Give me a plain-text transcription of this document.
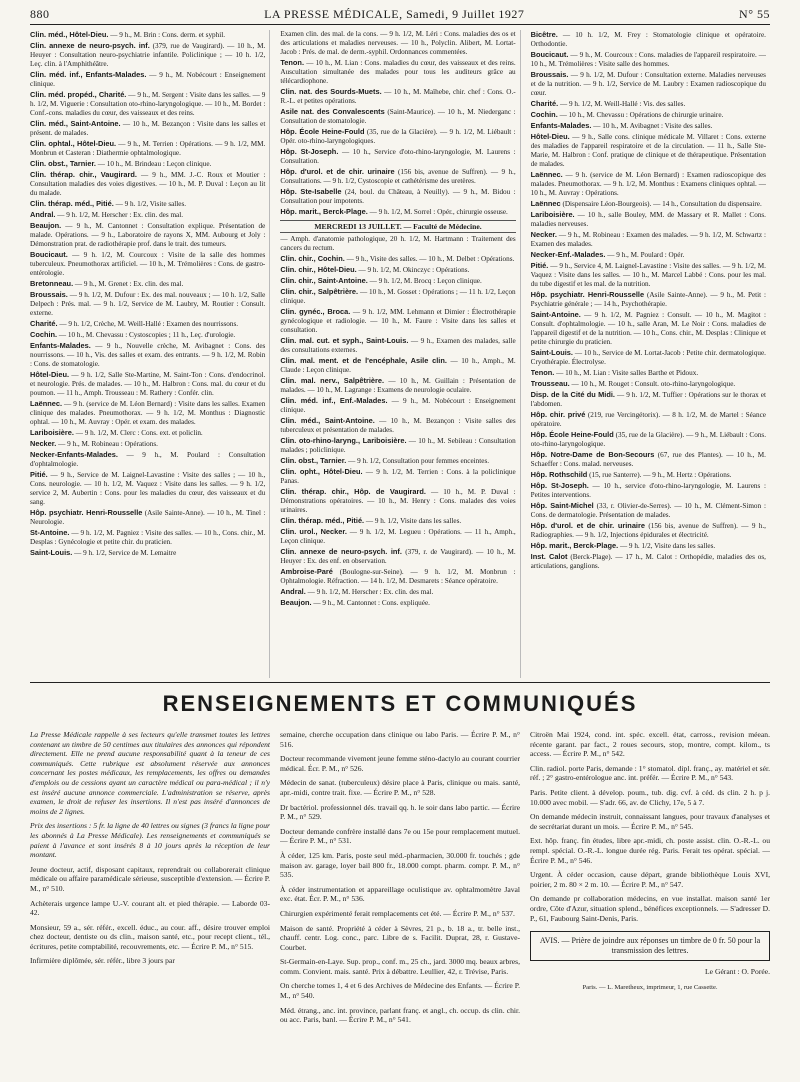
880	LA PRESSE MÉDICALE, Samedi, 9 Juillet 1927	N° 55

Clin. méd., Hôtel-Dieu. — 9 h., M. Brin : Cons. derm. et syphil.

Clin. annexe de neuro-psych. inf. (379, rue de Vaugirard). — 10 h., M. Heuyer : Consultation neuro-psychiatrie infantile. Policlinique ; — 10 h. 1/2, Leç. clin. à l'Amphithéâtre.

Clin. méd. inf., Enfants-Malades. — 9 h., M. Nobécourt : Enseignement clinique.

Clin. méd. propéd., Charité. — 9 h., M. Sergent : Visite dans les salles. — 9 h. 1/2, M. Viguerie : Consultation oto-rhino-laryngologique. — 10 h., M. Bordet : Conf.-cons. maladies du cœur, des vaisseaux et des reins.

Clin. méd., Saint-Antoine. — 10 h., M. Bezançon : Visite dans les salles et présent. de malades.

Clin. ophtal., Hôtel-Dieu. — 9 h., M. Terrien : Opérations. — 9 h. 1/2, MM. Monbrun et Casteran : Diathermie ophtalmologique.

Clin. obst., Tarnier. — 10 h., M. Brindeau : Leçon clinique.

Clin. thérap. chir., Vaugirard. — 9 h., MM. J.-C. Roux et Moutier : Consultation maladies des voies digestives. — 10 h., M. P. Duval : Leçon au lit du malade.

Clin. thérap. méd., Pitié. — 9 h. 1/2, Visite salles.

Andral. — 9 h. 1/2, M. Herscher : Ex. clin. des mal.

Beaujon. — 9 h., M. Cantonnet : Consultation explique. Présentation de malade. Opérations. — 9 h., Laboratoire de rayons X, MM. Aubourg et Joly : Démonstration prat. de radiothérapie prof. dans le trait. des tumeurs.

Boucicaut. — 9 h. 1/2, M. Courcoux : Visite de la salle des hommes tuberculeux. Pneumothorax artificiel. — 10 h., M. Trémolières : Cons. de gastro-entérologie.

Bretonneau. — 9 h., M. Grenet : Ex. clin. des mal.

Broussais. — 9 h. 1/2, M. Dufour : Ex. des mal. nouveaux ; — 10 h. 1/2, Salle Delpech : Prés. mal. — 9 h. 1/2, Service de M. Laubry, M. Routier : Consult. externe.

Charité. — 9 h. 1/2, Crèche, M. Weill-Hallé : Examen des nourrissons.

Cochin. — 10 h., M. Chevassu : Cystoscopies ; 11 h., Leç. d'urologie.

Enfants-Malades. — 9 h., Nouvelle crèche, M. Avibagnet : Cons. des nourrissons. — 10 h., Vis. des salles et exam. des entrants. — 9 h. 1/2, M. Robin : Cons. de stomatologie.

Hôtel-Dieu. — 9 h. 1/2, Salle Ste-Martine, M. Saint-Ton : Cons. d'endocrinol. et neurologie. Prés. de malades. — 10 h., M. Halbron : Cons. mal. du cœur et du poumon. — 11 h., Amph. Trousseau : M. Rathery : Confér. clin.

Laënnec. — 9 h. (service de M. Léon Bernard) : Visite dans les salles. Examen clinique des malades. Pneumothorax. — 9 h. 1/2, M. Monthus : Diagnostic ophtal. — 10 h., M. Auvray : Opér. et exam. des malades.

Lariboisière. — 9 h. 1/2, M. Clerc : Cons. ext. et policlin.

Necker. — 9 h., M. Robineau : Opérations.

Necker-Enfants-Malades. — 9 h., M. Poulard : Consultation d'ophtalmologie.

Pitié. — 9 h., Service de M. Laignel-Lavastine : Visite des salles ; — 10 h., Cons. neurologie. — 10 h. 1/2, M. Vaquez : Visite dans les salles. — 9 h. 1/2, service 2, M. Aubertin : Cons. pour les maladies du cœur, des vaisseaux et du sang.

Hôp. psychiatr. Henri-Rousselle (Asile Sainte-Anne). — 10 h., M. Tinel : Neurologie.

St-Antoine. — 9 h. 1/2, M. Pagniez : Visite des salles. — 10 h., Cons. chir., M. Desplas : Gynécologie et petite chir. du praticien.

Saint-Louis. — 9 h. 1/2, Service de M. Lemaitre

Examen clin. des mal. de la cons. — 9 h. 1/2, M. Léri : Cons. maladies des os et des articulations et maladies nerveuses. — 10 h., Polyclin. Alibert, M. Lortat-Jacob : Prés. de mal. de derm.-syphil. Ordonnances commentées.

Tenon. — 10 h., M. Lian : Cons. maladies du cœur, des vaisseaux et des reins. Auscultation simultanée des malades pour tous les auditeurs grâce au télécardiophone.

Clin. nat. des Sourds-Muets. — 10 h., M. Maïhebe, chir. chef : Cons. O.-R.-L. et petites opérations.

Asile nat. des Convalescents (Saint-Maurice). — 10 h., M. Niederganc : Consultation de stomatologie.

Hôp. École Heine-Fould (35, rue de la Glacière). — 9 h. 1/2, M. Liébault : Opér. oto-rhino-laryngologiques.

Hôp. St-Joseph. — 10 h., Service d'oto-rhino-laryngologie, M. Laurens : Consultation.

Hôp. d'urol. et de chir. urinaire (156 bis, avenue de Suffren). — 9 h., Consultations. — 9 h. 1/2, Cystoscopie et cathétérisme des uretères.

Hôp. Ste-Isabelle (24, boul. du Château, à Neuilly). — 9 h., M. Bidou : Consultation pour impotents.

Hôp. marit., Berck-Plage. — 9 h. 1/2, M. Sorrel : Opér., chirurgie osseuse.

MERCREDI 13 JUILLET. — Faculté de Médecine.

— Amph. d'anatomie pathologique, 20 h. 1/2, M. Hartmann : Traitement des cancers du rectum.

Clin. chir., Cochin. — 9 h., Visite des salles. — 10 h., M. Delbet : Opérations.

Clin. chir., Hôtel-Dieu. — 9 h. 1/2, M. Okinczyc : Opérations.

Clin. chir., Saint-Antoine. — 9 h. 1/2, M. Brocq : Leçon clinique.

Clin. chir., Salpêtrière. — 10 h., M. Gosset : Opérations ; — 11 h. 1/2, Leçon clinique.

Clin. gynéc., Broca. — 9 h. 1/2, MM. Lehmann et Dimier : Électrothérapie gynécologique et radiologie. — 10 h., M. Faure : Visite dans les salles et consultation.

Clin. mal. cut. et syph., Saint-Louis. — 9 h., Examen des malades, salle des consultations externes.

Clin. mal. ment. et de l'encéphale, Asile clin. — 10 h., Amph., M. Claude : Leçon clinique.

Clin. mal. nerv., Salpêtrière. — 10 h., M. Guillain : Présentation de malades. — 10 h., M. Lagrange : Examens de neurologie oculaire.

Clin. méd. inf., Enf.-Malades. — 9 h., M. Nobécourt : Enseignement clinique.

Clin. méd., Saint-Antoine. — 10 h., M. Bezançon : Visite salles des tuberculeux et présentation de malades.

Clin. oto-rhino-laryng., Lariboisière. — 10 h., M. Sebileau : Consultation malades ; policlinique.

Clin. obst., Tarnier. — 9 h. 1/2, Consultation pour femmes enceintes.

Clin. opht., Hôtel-Dieu. — 9 h. 1/2, M. Terrien : Cons. à la policlinique Panas.

Clin. thérap. chir., Hôp. de Vaugirard. — 10 h., M. P. Duval : Démonstrations opératoires. — 10 h., M. Henry : Cons. malades des voies urinaires.

Clin. thérap. méd., Pitié. — 9 h. 1/2, Visite dans les salles.

Clin. urol., Necker. — 9 h. 1/2, M. Legueu : Opérations. — 11 h., Amph., Leçon clinique.

Clin. annexe de neuro-psych. inf. (379, r. de Vaugirard). — 10 h., M. Heuyer : Ex. des enf. en observation.

Ambroise-Paré (Boulogne-sur-Seine). — 9 h. 1/2, M. Monbrun : Ophtalmologie. Réfraction. — 14 h. 1/2, M. Desmarets : Séance opératoire.

Andral. — 9 h. 1/2, M. Herscher : Ex. clin. des mal.

Beaujon. — 9 h., M. Cantonnet : Cons. expliquée.

Bicêtre. — 10 h. 1/2, M. Frey : Stomatologie clinique et opératoire. Orthodontie.

Boucicaut. — 9 h., M. Courcoux : Cons. maladies de l'appareil respiratoire. — 10 h., M. Trémolières : Visite salle des hommes.

Broussais. — 9 h. 1/2, M. Dufour : Consultation externe. Maladies nerveuses et de la nutrition. — 9 h. 1/2, Service de M. Laubry : Examen radioscopique du cœur.

Charité. — 9 h. 1/2, M. Weill-Hallé : Vis. des salles.

Cochin. — 10 h., M. Chevassu : Opérations de chirurgie urinaire.

Enfants-Malades. — 10 h., M. Avibagnet : Visite des salles.

Hôtel-Dieu. — 9 h., Salle cons. clinique médicale M. Villaret : Cons. externe des maladies de l'appareil respiratoire et de la circulation. — 11 h., Salle Ste-Marie, M. Halbron : Conf. pratique de clinique et de thérapeutique. Présentation de malades.

Laënnec. — 9 h. (service de M. Léon Bernard) : Examen radioscopique des malades. Pneumothorax. — 9 h. 1/2, M. Monthus : Examens cliniques ophtal. — 10 h., M. Auvray : Opérations.

Laënnec (Dispensaire Léon-Bourgeois). — 14 h., Consultation du dispensaire.

Lariboisière. — 10 h., salle Bouley, MM. de Massary et R. Mallet : Cons. maladies nerveuses.

Necker. — 9 h., M. Robineau : Examen des malades. — 9 h. 1/2, M. Schwartz : Examen des malades.

Necker-Enf.-Malades. — 9 h., M. Poulard : Opér.

Pitié. — 9 h., Service 4, M. Laignel-Lavastine : Visite des salles. — 9 h. 1/2, M. Vaquez : Visite dans les salles. — 10 h., M. Marcel Labbé : Cons. pour les mal. du tube digestif et les mal. de la nutrition.

Hôp. psychiatr. Henri-Rousselle (Asile Sainte-Anne). — 9 h., M. Petit : Psychiatrie générale ; — 14 h., Psychothérapie.

Saint-Antoine. — 9 h. 1/2, M. Pagniez : Consult. — 10 h., M. Magitot : Consult. d'ophtalmologie. — 10 h., salle Aran, M. Le Noir : Cons. maladies de l'appareil digestif et de la nutrition. — 10 h., Cons. chir., M. Desplas : Clinique et petite chirurgie du praticien.

Saint-Louis. — 10 h., Service de M. Lortat-Jacob : Petite chir. dermatologique. Cryothérapie. Électrolyse.

Tenon. — 10 h., M. Lian : Visite salles Barthe et Pidoux.

Trousseau. — 10 h., M. Rouget : Consult. oto-rhino-laryngologique.

Disp. de la Cité du Midi. — 9 h. 1/2, M. Tuffier : Opérations sur le thorax et l'abdomen.

Hôp. chir. privé (219, rue Vercingétorix). — 8 h. 1/2, M. de Martel : Séance opératoire.

Hôp. École Heine-Fould (35, rue de la Glacière). — 9 h., M. Liébault : Cons. oto-rhino-laryngologique.

Hôp. Notre-Dame de Bon-Secours (67, rue des Plantes). — 10 h., M. Schaeffer : Cons. malad. nerveuses.

Hôp. Rothschild (15, rue Santerre). — 9 h., M. Hertz : Opérations.

Hôp. St-Joseph. — 10 h., service d'oto-rhino-laryngologie, M. Laurens : Petites interventions.

Hôp. Saint-Michel (33, r. Olivier-de-Serres). — 10 h., M. Clément-Simon : Cons. de dermatologie. Présentation de malades.

Hôp. d'urol. et de chir. urinaire (156 bis, avenue de Suffren). — 9 h., Radiographies. — 9 h. 1/2, Injections épidurales et électricité.

Hôp. marit., Berck-Plage. — 9 h. 1/2, Visite dans les salles.

Inst. Calot (Berck-Plage). — 17 h., M. Calot : Orthopédie, maladies des os, articulations, ganglions.

RENSEIGNEMENTS ET COMMUNIQUÉS

La Presse Médicale rappelle à ses lecteurs qu'elle transmet toutes les lettres contenant un timbre de 50 centimes aux titulaires des annonces qui répondent directement. Elle ne prend aucune responsabilité quant à la teneur de ces communiqués. Cette rubrique est absolument réservée aux annonces concernant les postes médicaux, les remplacements, les offres ou demandes d'emplois ou de cessions ayant un caractère médical ou para-médical ; il n'y est inséré aucune annonce commerciale. L'administration se réserve, après examen, le droit de refuser les insertions. Il n'est pas inséré d'annonces de moins de 2 lignes.

Prix des insertions : 5 fr. la ligne de 40 lettres ou signes (3 francs la ligne pour les abonnés à La Presse Médicale). Les renseignements et communiqués se paient à l'avance et sont insérés 8 à 10 jours après la réception de leur montant.

Jeune docteur, actif, disposant capitaux, reprendrait ou collaborerait clinique médicale ou affaire paramédicale sérieuse, susceptible d'extension. — Écrire P. M., n° 510.

Achèterais urgence lampe U.-V. courant alt. et pied thérapie. — Laborde 03-42.

Monsieur, 59 a., sér. référ., excell. éduc., au cour. aff., désire trouver emploi chez docteur, dentiste ou ds clin., maison santé, etc., pour recept client., tél., écritures, petite comptabilité, recouvrements, etc. — Écrire P. M., n° 515.

Infirmière diplômée, sér. référ., libre 3 jours par

semaine, cherche occupation dans clinique ou labo Paris. — Écrire P. M., n° 516.

Docteur recommande vivement jeune femme sténo-dactylo au courant courrier médical. Écr. P. M., n° 526.

Médecin de sanat. (tuberculeux) désire place à Paris, clinique ou mais. santé, apr.-midi, contre trait. fixe. — Écrire P. M., n° 528.

Dr bactériol. professionnel dés. travail qq. h. le soir dans labo partic. — Écrire P. M., n° 529.

Docteur demande confrère installé dans 7e ou 15e pour remplacement mutuel. — Écrire P. M., n° 531.

À céder, 125 km. Paris, poste seul méd.-pharmacien, 30.000 fr. touchés ; gde maison av. garage, loyer bail 800 fr., 18.000 compt. pharm. compr. P. M., n° 535.

À céder instrumentation et appareillage oculistique av. ophtalmomètre Javal exc. état. Écr. P. M., n° 536.

Chirurgien expérimenté ferait remplacements cet été. — Écrire P. M., n° 537.

Maison de santé. Propriété à céder à Sèvres, 21 p., b. 18 a., tr. belle inst., chauff. centr. Log. conc., parc. Libre de s. Facilit. Duprat, 28, r. Gustave-Courbet.

St-Germain-en-Laye. Sup. prop., conf. m., 25 ch., jard. 3000 mq. beaux arbres, comm. Convient. mais. santé. Prix à débattre. Leullier, 42, r. Trévise, Paris.

On cherche tomes 1, 4 et 6 des Archives de Médecine des Enfants. — Écrire P. M., n° 540.

Méd. étrang., anc. int. province, parlant franç. et angl., ch. occup. ds clin. chir. ou acc. Paris, banl. — Écrire P. M., n° 541.

Citroën Mai 1924, cond. int. spéc. excell. état, carross., revision méean. récente garant. par fact., 2 roues secours, stop, montre, compt. kilom., ts access. — Écrire P. M., n° 542.

Clin. radiol. porte Paris, demande : 1° stomatol. dipl. franç., ay. matériel et sér. réf. ; 2° gastro-entérologue anc. int. préfér. — Écrire P. M., n° 543.

Paris. Petite client. à dévelop. poum., tub. dig. cvf. à céd. ds clin. 2 h. p j. 10.000 avec mobil. — S'adr. 66, av. de Clichy, 17e, 5 à 7.

On demande médecin instruit, connaissant langues, pour travaux d'analyses et de secrétariat durant un mois. — Écrire P. M., n° 545.

Ext. hôp. franç. fin études, libre apr.-midi, ch. poste assist. clin. O.-R.-L. ou rempl. spécial. O.-R.-L. longue durée rég. Paris. Ferait tes opérat. spécial. — Écrire P. M., n° 546.

Urgent. À céder occasion, cause départ, grande bibliothèque Louis XVI, poirier, 2 m. 80 × 2 m. 10. — Écrire P. M., n° 547.

On demande pr collaboration médecins, en vue installat. maison santé 1er ordre, Côte d'Azur, situation splend., bénéfices exceptionnels. — S'adresser D. P., 61, Faubourg Saint-Denis, Paris.

AVIS. — Prière de joindre aux réponses un timbre de 0 fr. 50 pour la transmission des lettres.
Le Gérant : O. Porée.
Paris. — L. Maretheux, imprimeur, 1, rue Cassette.
